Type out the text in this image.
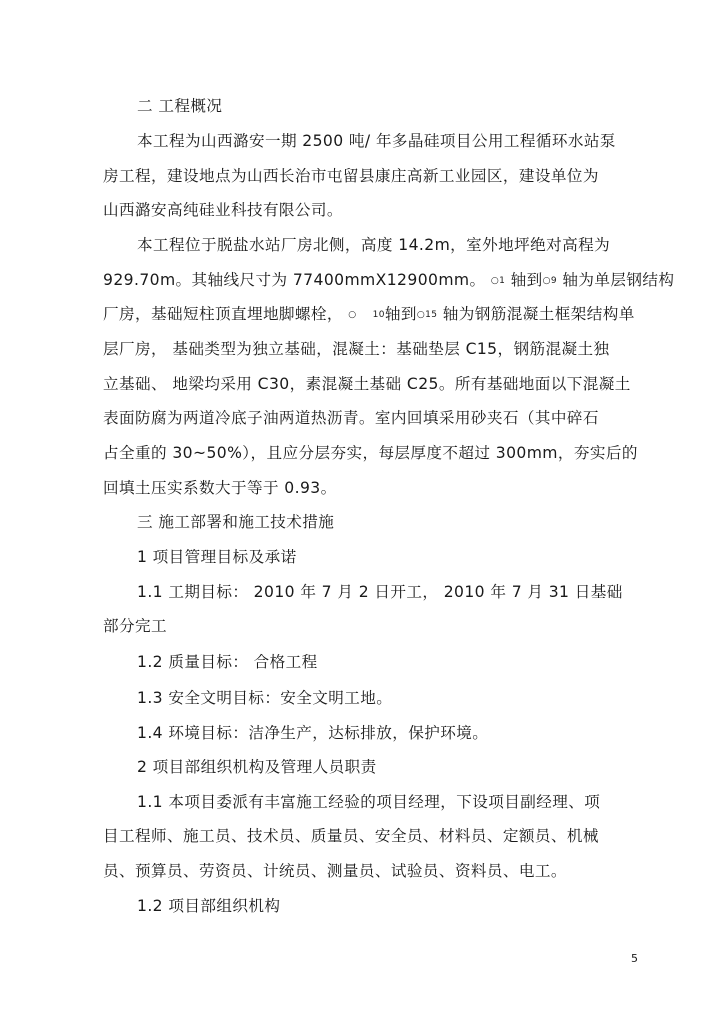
二 工程概况
本工程为山西潞安一期 2500 吨/ 年多晶硅项目公用工程循环水站泵
房工程，建设地点为山西长治市屯留县康庄高新工业园区，建设单位为
山西潞安高纯硅业科技有限公司。
本工程位于脱盐水站厂房北侧，高度 14.2m，室外地坪绝对高程为
929.70m。其轴线尺寸为 77400mmX12900mm。 ○1 轴到○9 轴为单层钢结构
厂房，基础短柱顶直埋地脚螺栓， ○ 10轴到○15 轴为钢筋混凝土框架结构单
层厂房， 基础类型为独立基础，混凝土：基础垫层 C15，钢筋混凝土独
立基础、 地梁均采用 C30，素混凝土基础 C25。所有基础地面以下混凝土
表面防腐为两道冷底子油两道热沥青。室内回填采用砂夹石（其中碎石
占全重的 30~50%），且应分层夯实，每层厚度不超过 300mm，夯实后的
回填土压实系数大于等于 0.93。
三 施工部署和施工技术措施
1 项目管理目标及承诺
1.1 工期目标： 2010 年 7 月 2 日开工， 2010 年 7 月 31 日基础
部分完工
1.2 质量目标： 合格工程
1.3 安全文明目标：安全文明工地。
1.4 环境目标：洁净生产，达标排放，保护环境。
2 项目部组织机构及管理人员职责
1.1 本项目委派有丰富施工经验的项目经理，下设项目副经理、项
目工程师、施工员、技术员、质量员、安全员、材料员、定额员、机械
员、预算员、劳资员、计统员、测量员、试验员、资料员、电工。
1.2 项目部组织机构
5
